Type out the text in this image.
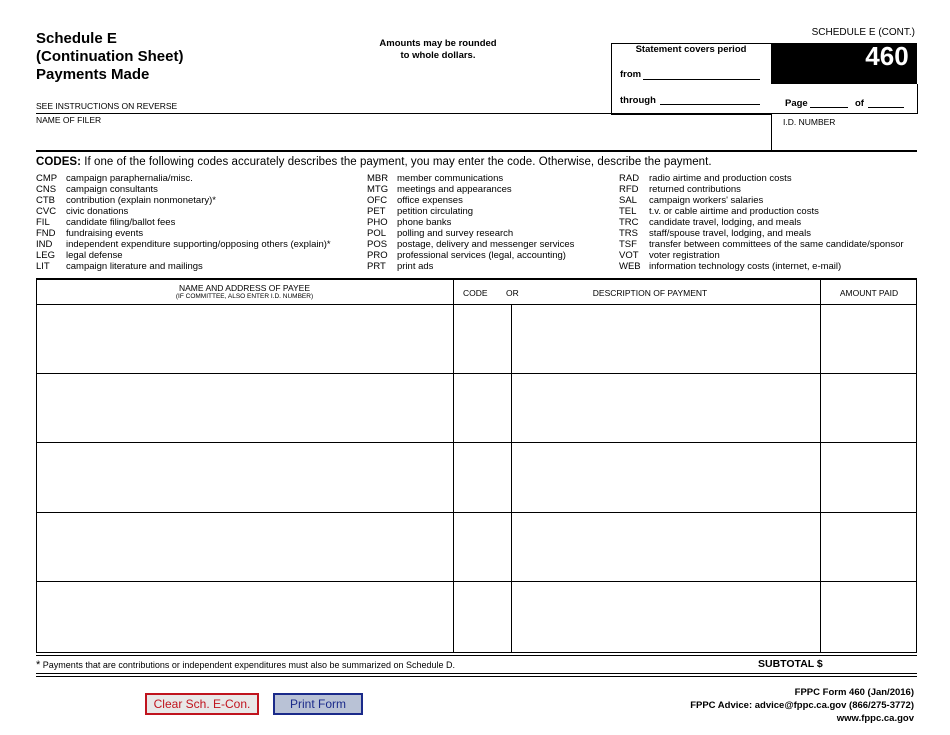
Schedule E
(Continuation Sheet)
Payments Made
Amounts may be rounded
to whole dollars.
SCHEDULE E (CONT.)
Statement covers period
from
through
CALIFORNIA
FORM	460
Page	of
SEE INSTRUCTIONS ON REVERSE
NAME OF FILER	I.D. NUMBER
CODES: If one of the following codes accurately describes the payment, you may enter the code. Otherwise, describe the payment.
CMP campaign paraphernalia/misc.
CNS campaign consultants
CTB contribution (explain nonmonetary)*
CVC civic donations
FIL candidate filing/ballot fees
FND fundraising events
IND independent expenditure supporting/opposing others (explain)*
LEG legal defense
LIT campaign literature and mailings
MBR member communications
MTG meetings and appearances
OFC office expenses
PET petition circulating
PHO phone banks
POL polling and survey research
POS postage, delivery and messenger services
PRO professional services (legal, accounting)
PRT print ads
RAD radio airtime and production costs
RFD returned contributions
SAL campaign workers' salaries
TEL t.v. or cable airtime and production costs
TRC candidate travel, lodging, and meals
TRS staff/spouse travel, lodging, and meals
TSF transfer between committees of the same candidate/sponsor
VOT voter registration
WEB information technology costs (internet, e-mail)
NAME AND ADDRESS OF PAYEE
(IF COMMITTEE, ALSO ENTER I.D. NUMBER)	CODE OR	DESCRIPTION OF PAYMENT	AMOUNT PAID
* Payments that are contributions or independent expenditures must also be summarized on Schedule D.	SUBTOTAL $
Clear Sch. E-Con.	Print Form
FPPC Form 460 (Jan/2016)
FPPC Advice: advice@fppc.ca.gov (866/275-3772)
www.fppc.ca.gov
